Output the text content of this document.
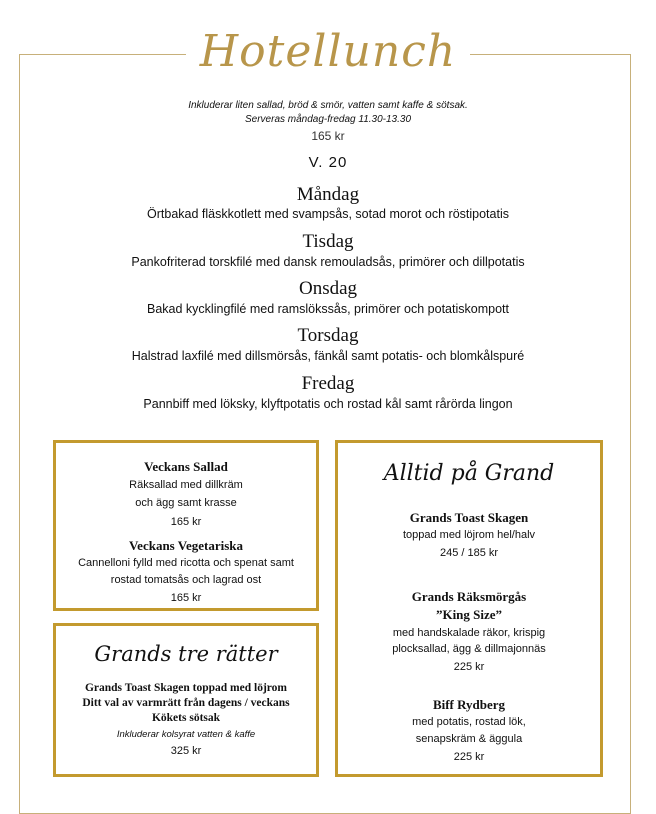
Hotellunch
Inkluderar liten sallad, bröd & smör, vatten samt kaffe & sötsak.
Serveras måndag-fredag 11.30-13.30
165 kr
V. 20
Måndag
Örtbakad fläskkotlett med svampsås, sotad morot och röstipotatis
Tisdag
Pankofriterad torskfilé med dansk remouladsås, primörer och dillpotatis
Onsdag
Bakad kycklingfilé med ramslökssås, primörer och potatiskompott
Torsdag
Halstrad laxfilé med dillsmörsås, fänkål samt potatis- och blomkålspuré
Fredag
Pannbiff med löksky, klyftpotatis och rostad kål samt rårörda lingon
Veckans Sallad
Räksallad med dillkräm
och ägg samt krasse
165 kr
Veckans Vegetariska
Cannelloni fylld med ricotta och spenat samt
rostad tomatsås och lagrad ost
165 kr
Grands tre rätter
Grands Toast Skagen toppad med löjrom
Ditt val av varmrätt från dagens / veckans
Kökets sötsak
Inkluderar kolsyrat vatten & kaffe
325 kr
Alltid på Grand
Grands Toast Skagen
toppad med löjrom hel/halv
245 / 185 kr
Grands Räksmörgås
”King Size”
med handskalade räkor, krispig
plocksallad, ägg & dillmajonnäs
225 kr
Biff Rydberg
med potatis, rostad lök,
senapskräm & äggula
225 kr
